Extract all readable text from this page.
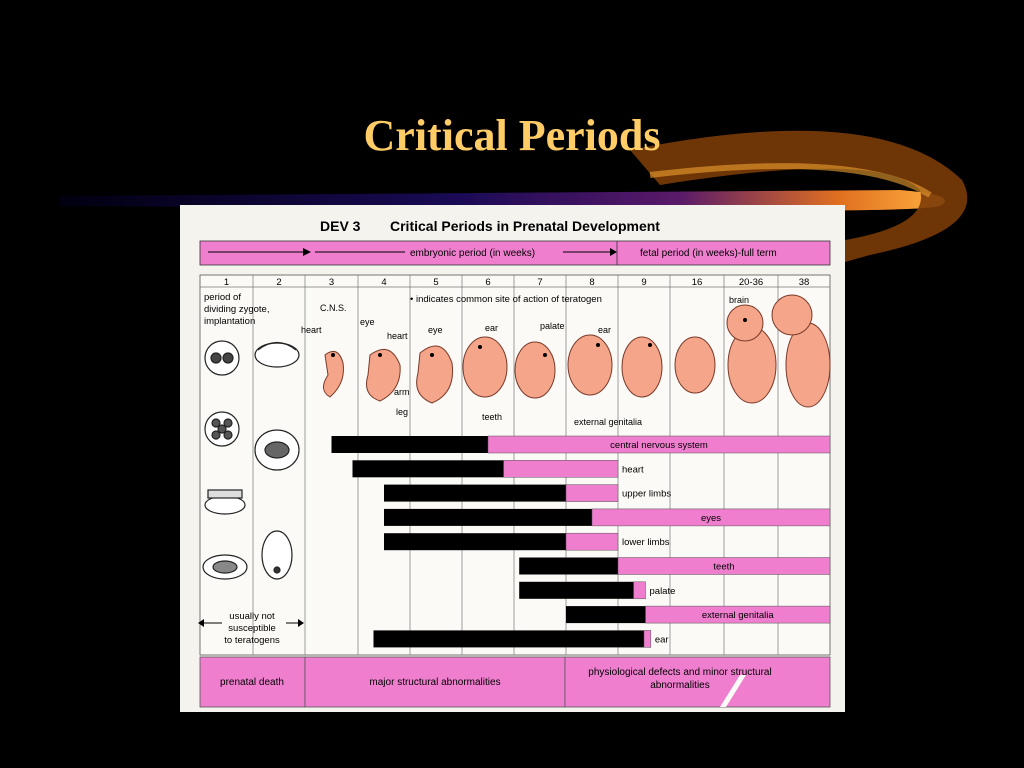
Critical Periods
DEV 3 Critical Periods in Prenatal Development
embryonic period (in weeks)	fetal period (in weeks)-full term
1	2	3	4	5	6	7	8	9	16	20-36	38
period of dividing zygote, implantation
• indicates common site of action of teratogen
C.N.S.
heart
eye
heart
eye
arm
leg
ear
teeth
palate	ear
external genitalia
brain
central nervous system
heart
upper limbs
eyes
lower limbs
teeth
palate
external genitalia
ear
usually not susceptible to teratogens
prenatal death	major structural abnormalities
physiological defects and minor structural abnormalities
